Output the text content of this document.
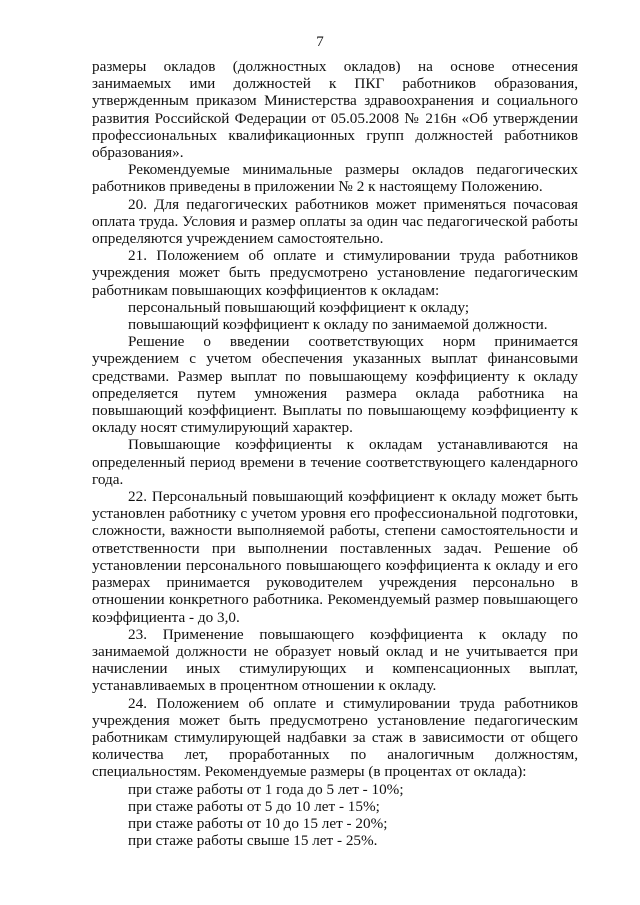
7

размеры окладов (должностных окладов) на основе отнесения занимаемых ими должностей к ПКГ работников образования, утвержденным приказом Министерства здравоохранения и социального развития Российской Федерации от 05.05.2008 № 216н «Об утверждении профессиональных квалификационных групп должностей работников образования».

Рекомендуемые минимальные размеры окладов педагогических работников приведены в приложении № 2 к настоящему Положению.

20. Для педагогических работников может применяться почасовая оплата труда. Условия и размер оплаты за один час педагогической работы определяются учреждением самостоятельно.

21. Положением об оплате и стимулировании труда работников учреждения может быть предусмотрено установление педагогическим работникам повышающих коэффициентов к окладам:

персональный повышающий коэффициент к окладу;

повышающий коэффициент к окладу по занимаемой должности.

Решение о введении соответствующих норм принимается учреждением с учетом обеспечения указанных выплат финансовыми средствами. Размер выплат по повышающему коэффициенту к окладу определяется путем умножения размера оклада работника на повышающий коэффициент. Выплаты по повышающему коэффициенту к окладу носят стимулирующий характер.

Повышающие коэффициенты к окладам устанавливаются на определенный период времени в течение соответствующего календарного года.

22. Персональный повышающий коэффициент к окладу может быть установлен работнику с учетом уровня его профессиональной подготовки, сложности, важности выполняемой работы, степени самостоятельности и ответственности при выполнении поставленных задач. Решение об установлении персонального повышающего коэффициента к окладу и его размерах принимается руководителем учреждения персонально в отношении конкретного работника. Рекомендуемый размер повышающего коэффициента - до 3,0.

23. Применение повышающего коэффициента к окладу по занимаемой должности не образует новый оклад и не учитывается при начислении иных стимулирующих и компенсационных выплат, устанавливаемых в процентном отношении к окладу.

24. Положением об оплате и стимулировании труда работников учреждения может быть предусмотрено установление педагогическим работникам стимулирующей надбавки за стаж в зависимости от общего количества лет, проработанных по аналогичным должностям, специальностям. Рекомендуемые размеры (в процентах от оклада):

при стаже работы от 1 года до 5 лет - 10%;

при стаже работы от 5 до 10 лет - 15%;

при стаже работы от 10 до 15 лет - 20%;

при стаже работы свыше 15 лет - 25%.
